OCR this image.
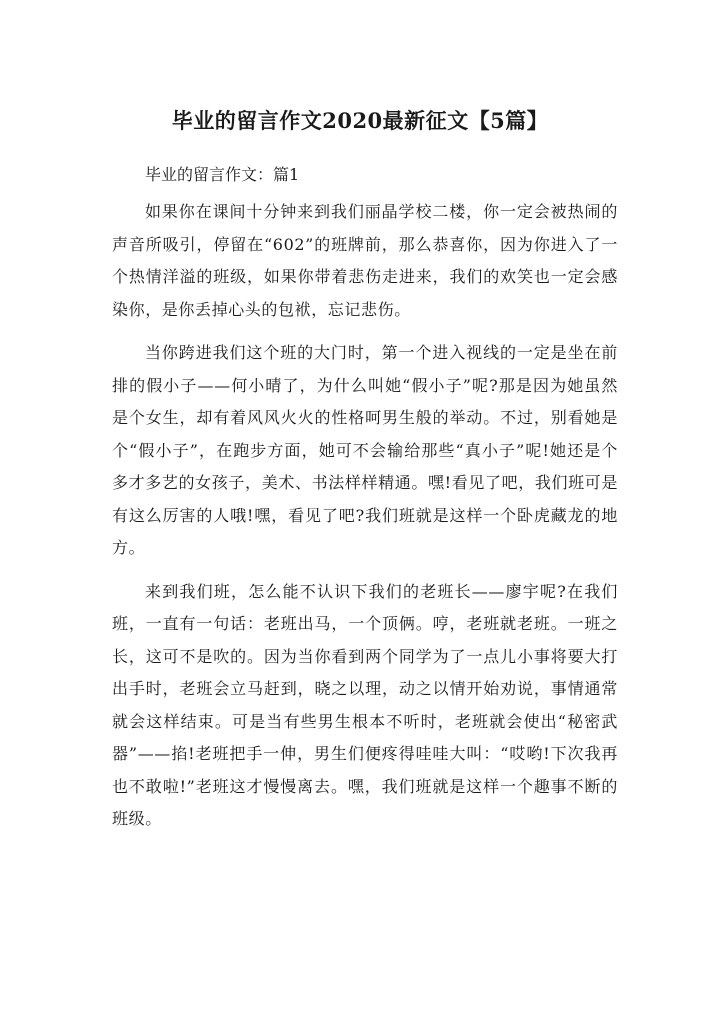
毕业的留言作文2020最新征文【5篇】

毕业的留言作文：篇1

如果你在课间十分钟来到我们丽晶学校二楼，你一定会被热闹的声音所吸引，停留在“602”的班牌前，那么恭喜你，因为你进入了一个热情洋溢的班级，如果你带着悲伤走进来，我们的欢笑也一定会感染你，是你丢掉心头的包袱，忘记悲伤。

当你跨进我们这个班的大门时，第一个进入视线的一定是坐在前排的假小子——何小晴了，为什么叫她“假小子”呢?那是因为她虽然是个女生，却有着风风火火的性格呵男生般的举动。不过，别看她是个“假小子”，在跑步方面，她可不会输给那些“真小子”呢!她还是个多才多艺的女孩子，美术、书法样样精通。嘿!看见了吧，我们班可是有这么厉害的人哦!嘿，看见了吧?我们班就是这样一个卧虎藏龙的地方。

来到我们班，怎么能不认识下我们的老班长——廖宇呢?在我们班，一直有一句话：老班出马，一个顶俩。哼，老班就老班。一班之长，这可不是吹的。因为当你看到两个同学为了一点儿小事将要大打出手时，老班会立马赶到，晓之以理，动之以情开始劝说，事情通常就会这样结束。可是当有些男生根本不听时，老班就会使出“秘密武器”——掐!老班把手一伸，男生们便疼得哇哇大叫：“哎哟!下次我再也不敢啦!”老班这才慢慢离去。嘿，我们班就是这样一个趣事不断的班级。
